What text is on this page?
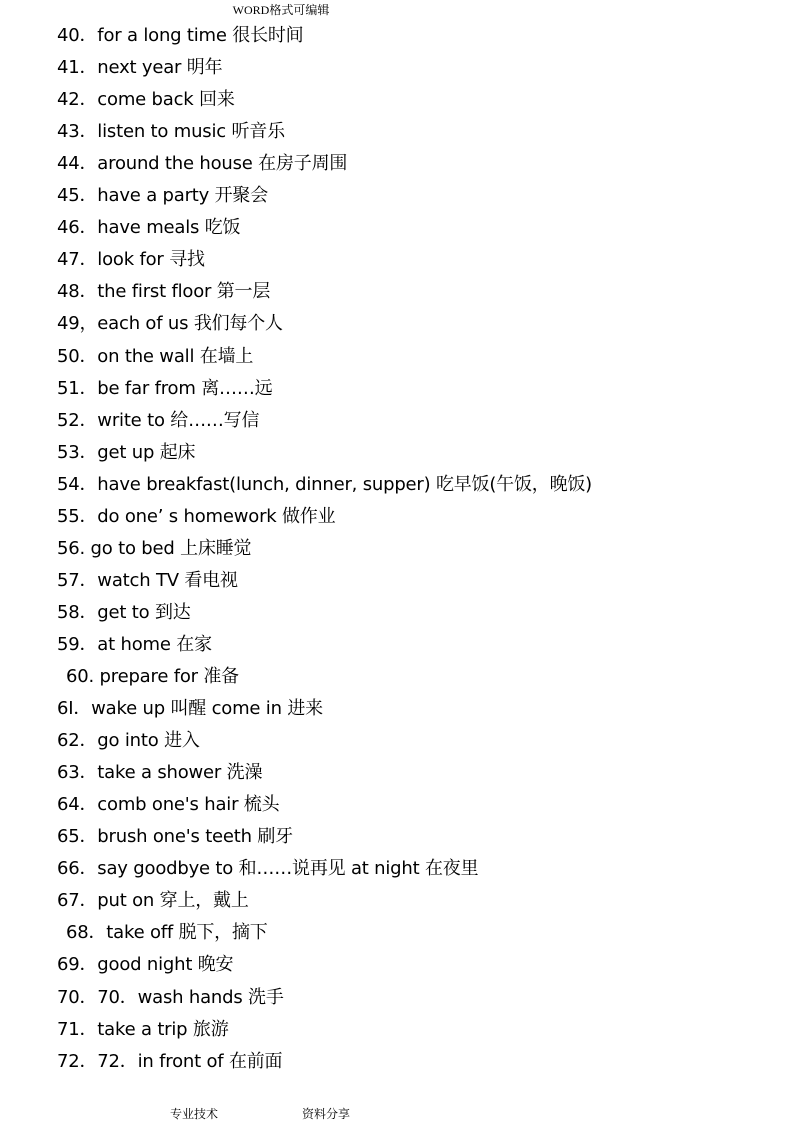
WORD格式可编辑
40．for a long time 很长时间
41．next year 明年
42．come back 回来
43．listen to music 听音乐
44．around the house 在房子周围
45．have a party 开聚会
46．have meals 吃饭
47．look for 寻找
48．the first floor 第一层
49，each of us 我们每个人
50．on the wall 在墙上
51．be far from 离……远
52．write to 给……写信
53．get up 起床
54．have breakfast(lunch, dinner, supper) 吃早饭(午饭，晚饭)
55．do one’ s homework 做作业
56. go to bed 上床睡觉
57．watch TV 看电视
58．get to 到达
59．at home 在家
60. prepare for 准备
6I．wake up 叫醒 come in 进来
62．go into 进入
63．take a shower 洗澡
64．comb one's hair 梳头
65．brush one's teeth 刷牙
66．say goodbye to 和……说再见 at night 在夜里
67．put on 穿上，戴上
68．take off 脱下，摘下
69．good night 晚安
70．70．wash hands 洗手
71．take a trip 旅游
72．72．in front of 在前面
专业技术	资料分享
